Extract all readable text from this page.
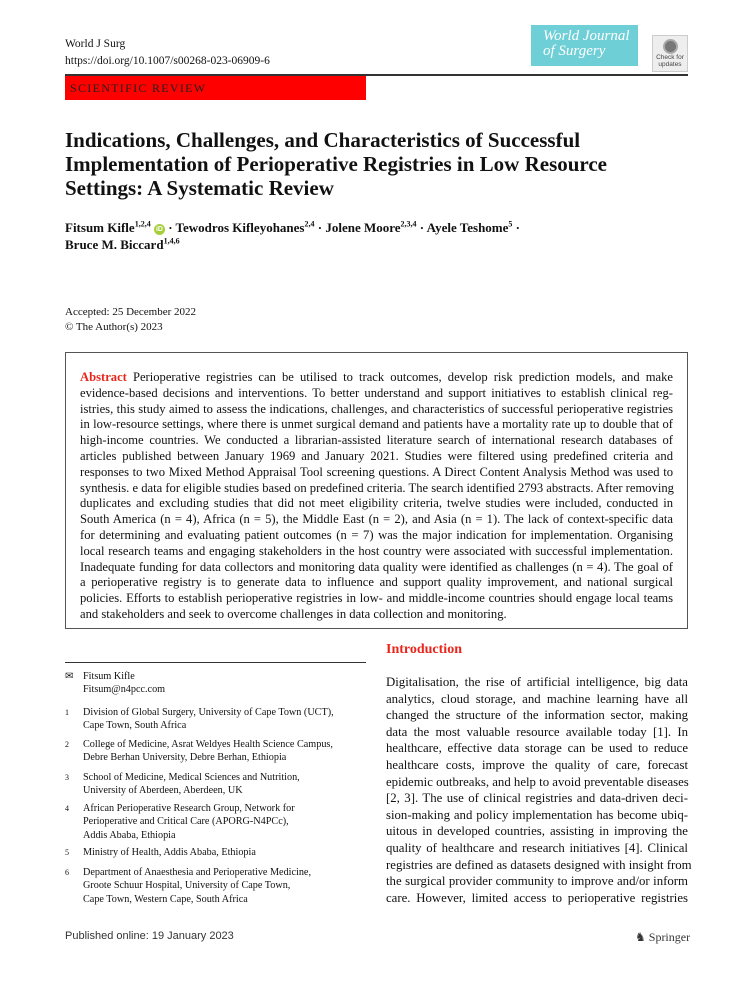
World J Surg
https://doi.org/10.1007/s00268-023-06909-6
World Journal
of Surgery	Check for updates
SCIENTIFIC REVIEW
Indications, Challenges, and Characteristics of Successful
Implementation of Perioperative Registries in Low Resource
Settings: A Systematic Review
Fitsum Kifle$^{1,2,4}$ iD · Tewodros Kifleyohanes$^{2,4}$ · Jolene Moore$^{2,3,4}$ · Ayele Teshome$^5$ ·
Bruce M. Biccard$^{1,4,6}$
Accepted: 25 December 2022
© The Author(s) 2023
Abstract Perioperative registries can be utilised to track outcomes, develop risk prediction models, and make
evidence-based decisions and interventions. To better understand and support initiatives to establish clinical reg-
istries, this study aimed to assess the indications, challenges, and characteristics of successful perioperative registries
in low-resource settings, where there is unmet surgical demand and patients have a mortality rate up to double that of
high-income countries. We conducted a librarian-assisted literature search of international research databases of
articles published between January 1969 and January 2021. Studies were filtered using predefined criteria and
responses to two Mixed Method Appraisal Tool screening questions. A Direct Content Analysis Method was used to
synthesis. e data for eligible studies based on predefined criteria. The search identified 2793 abstracts. After removing
duplicates and excluding studies that did not meet eligibility criteria, twelve studies were included, conducted in
South America (n = 4), Africa (n = 5), the Middle East (n = 2), and Asia (n = 1). The lack of context-specific data
for determining and evaluating patient outcomes (n = 7) was the major indication for implementation. Organising
local research teams and engaging stakeholders in the host country were associated with successful implementation.
Inadequate funding for data collectors and monitoring data quality were identified as challenges (n = 4). The goal of
a perioperative registry is to generate data to influence and support quality improvement, and national surgical
policies. Efforts to establish perioperative registries in low- and middle-income countries should engage local teams
and stakeholders and seek to overcome challenges in data collection and monitoring.
✉ Fitsum Kifle
Fitsum@n4pcc.com
1 Division of Global Surgery, University of Cape Town (UCT),
Cape Town, South Africa
2 College of Medicine, Asrat Weldyes Health Science Campus,
Debre Berhan University, Debre Berhan, Ethiopia
3 School of Medicine, Medical Sciences and Nutrition,
University of Aberdeen, Aberdeen, UK
4 African Perioperative Research Group, Network for
Perioperative and Critical Care (APORG-N4PCc),
Addis Ababa, Ethiopia
5 Ministry of Health, Addis Ababa, Ethiopia
6 Department of Anaesthesia and Perioperative Medicine,
Groote Schuur Hospital, University of Cape Town,
Cape Town, Western Cape, South Africa
Introduction
Digitalisation, the rise of artificial intelligence, big data
analytics, cloud storage, and machine learning have all
changed the structure of the information sector, making
data the most valuable resource available today [1]. In
healthcare, effective data storage can be used to reduce
healthcare costs, improve the quality of care, forecast
epidemic outbreaks, and help to avoid preventable diseases
[2, 3]. The use of clinical registries and data-driven deci-
sion-making and policy implementation has become ubiq-
uitous in developed countries, assisting in improving the
quality of healthcare and research initiatives [4]. Clinical
registries are defined as datasets designed with insight from
the surgical provider community to improve and/or inform
care. However, limited access to perioperative registries
Published online: 19 January 2023	♞ Springer
